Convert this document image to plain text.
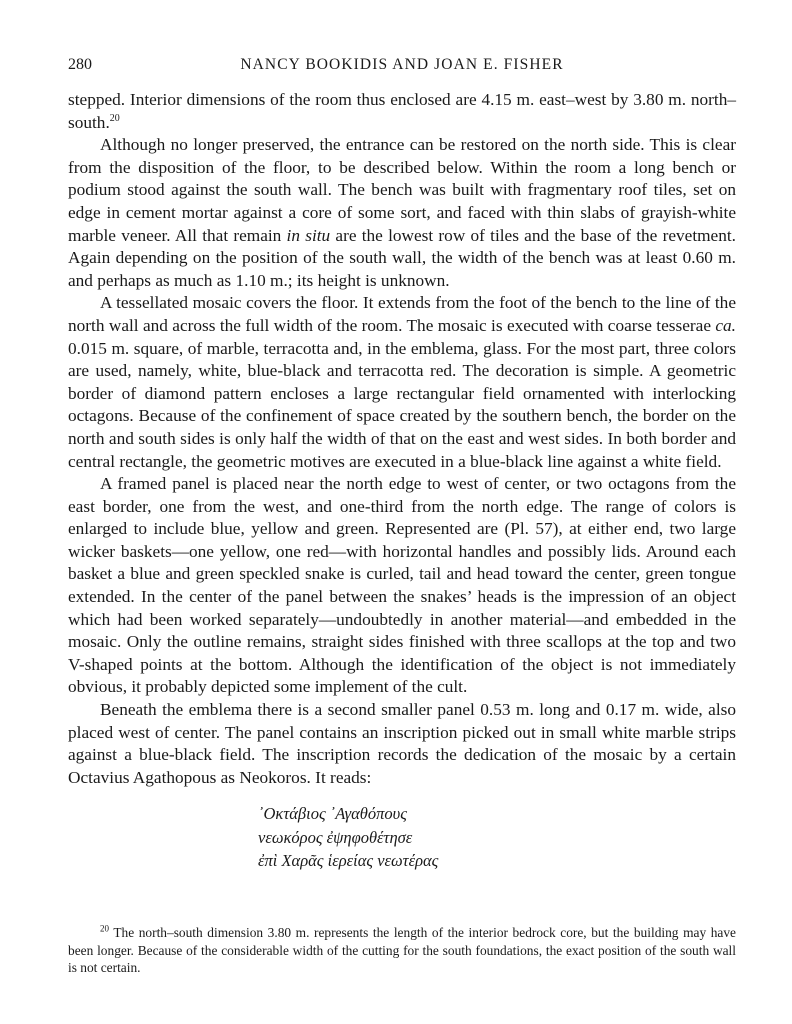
280	NANCY BOOKIDIS AND JOAN E. FISHER

stepped. Interior dimensions of the room thus enclosed are 4.15 m. east–west by 3.80 m. north–south.$^{20}$

Although no longer preserved, the entrance can be restored on the north side. This is clear from the disposition of the floor, to be described below. Within the room a long bench or podium stood against the south wall. The bench was built with fragmentary roof tiles, set on edge in cement mortar against a core of some sort, and faced with thin slabs of grayish-white marble veneer. All that remain in situ are the lowest row of tiles and the base of the revetment. Again depending on the position of the south wall, the width of the bench was at least 0.60 m. and perhaps as much as 1.10 m.; its height is unknown.

A tessellated mosaic covers the floor. It extends from the foot of the bench to the line of the north wall and across the full width of the room. The mosaic is executed with coarse tesserae ca. 0.015 m. square, of marble, terracotta and, in the emblema, glass. For the most part, three colors are used, namely, white, blue-black and terracotta red. The decoration is simple. A geometric border of diamond pattern encloses a large rectangular field ornamented with interlocking octagons. Because of the confinement of space created by the southern bench, the border on the north and south sides is only half the width of that on the east and west sides. In both border and central rectangle, the geometric motives are executed in a blue-black line against a white field.

A framed panel is placed near the north edge to west of center, or two octagons from the east border, one from the west, and one-third from the north edge. The range of colors is enlarged to include blue, yellow and green. Represented are (Pl. 57), at either end, two large wicker baskets—one yellow, one red—with horizontal handles and possibly lids. Around each basket a blue and green speckled snake is curled, tail and head toward the center, green tongue extended. In the center of the panel between the snakes’ heads is the impression of an object which had been worked separately—undoubtedly in another material—and embedded in the mosaic. Only the outline remains, straight sides finished with three scallops at the top and two V-shaped points at the bottom. Although the identification of the object is not immediately obvious, it probably depicted some implement of the cult.

Beneath the emblema there is a second smaller panel 0.53 m. long and 0.17 m. wide, also placed west of center. The panel contains an inscription picked out in small white marble strips against a blue-black field. The inscription records the dedication of the mosaic by a certain Octavius Agathopous as Neokoros. It reads:

᾿Οκτάβιος ᾿Αγαθόπους
νεωκόρος ἐψηφοθέτησε
ἐπὶ Χαρᾶς ἱερείας νεωτέρας
$^{20}$ The north–south dimension 3.80 m. represents the length of the interior bedrock core, but the building may have been longer. Because of the considerable width of the cutting for the south foundations, the exact position of the south wall is not certain.
